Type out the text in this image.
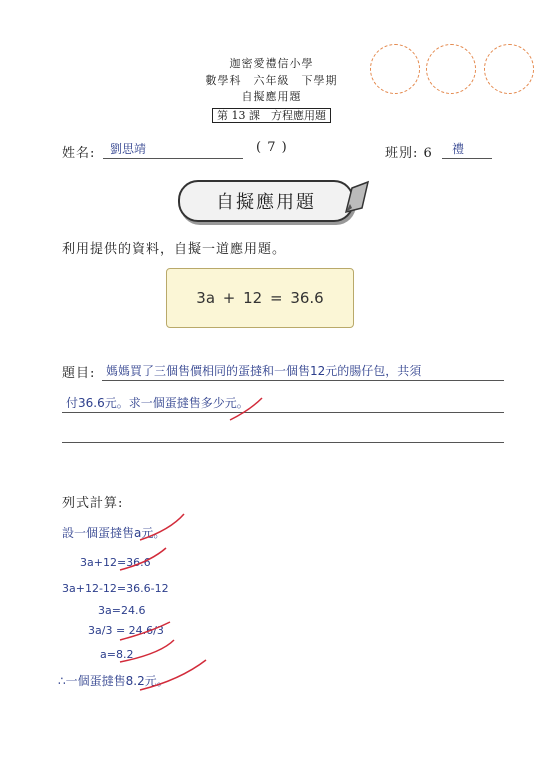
迦密愛禮信小學
數學科　六年級　下學期
自擬應用題
第 13 課　方程應用題
姓名: 劉思靖	( 7 )	班別: 6 禮
自擬應用題
利用提供的資料，自擬一道應用題。
3a + 12 = 36.6
題目: 媽媽買了三個售價相同的蛋撻和一個售12元的腸仔包，共須
付36.6元。求一個蛋撻售多少元。
列式計算:
設一個蛋撻售a元。
3a+12=36.6
3a+12-12=36.6-12
3a=24.6
3a/3 = 24.6/3
a=8.2
∴一個蛋撻售8.2元。
